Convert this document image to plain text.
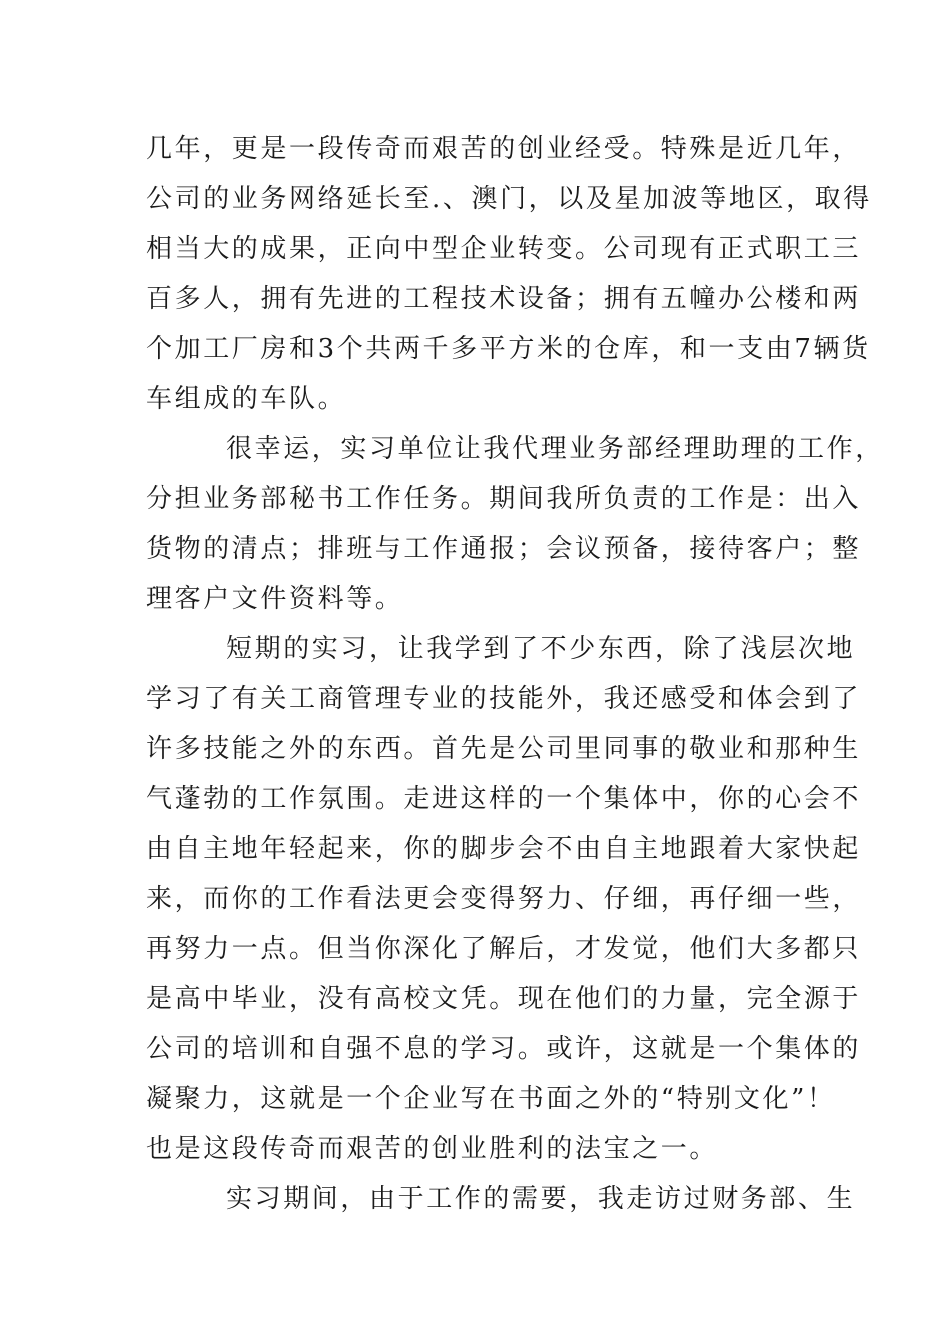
几年，更是一段传奇而艰苦的创业经受。特殊是近几年，
公司的业务网络延长至.、澳门，以及星加波等地区，取得
相当大的成果，正向中型企业转变。公司现有正式职工三
百多人，拥有先进的工程技术设备；拥有五幢办公楼和两
个加工厂房和3个共两千多平方米的仓库，和一支由7辆货
车组成的车队。
很幸运，实习单位让我代理业务部经理助理的工作，
分担业务部秘书工作任务。期间我所负责的工作是：出入
货物的清点；排班与工作通报；会议预备，接待客户；整
理客户文件资料等。
短期的实习，让我学到了不少东西，除了浅层次地
学习了有关工商管理专业的技能外，我还感受和体会到了
许多技能之外的东西。首先是公司里同事的敬业和那种生
气蓬勃的工作氛围。走进这样的一个集体中，你的心会不
由自主地年轻起来，你的脚步会不由自主地跟着大家快起
来，而你的工作看法更会变得努力、仔细，再仔细一些，
再努力一点。但当你深化了解后，才发觉，他们大多都只
是高中毕业，没有高校文凭。现在他们的力量，完全源于
公司的培训和自强不息的学习。或许，这就是一个集体的
凝聚力，这就是一个企业写在书面之外的“特别文化”！
也是这段传奇而艰苦的创业胜利的法宝之一。
实习期间，由于工作的需要，我走访过财务部、生
